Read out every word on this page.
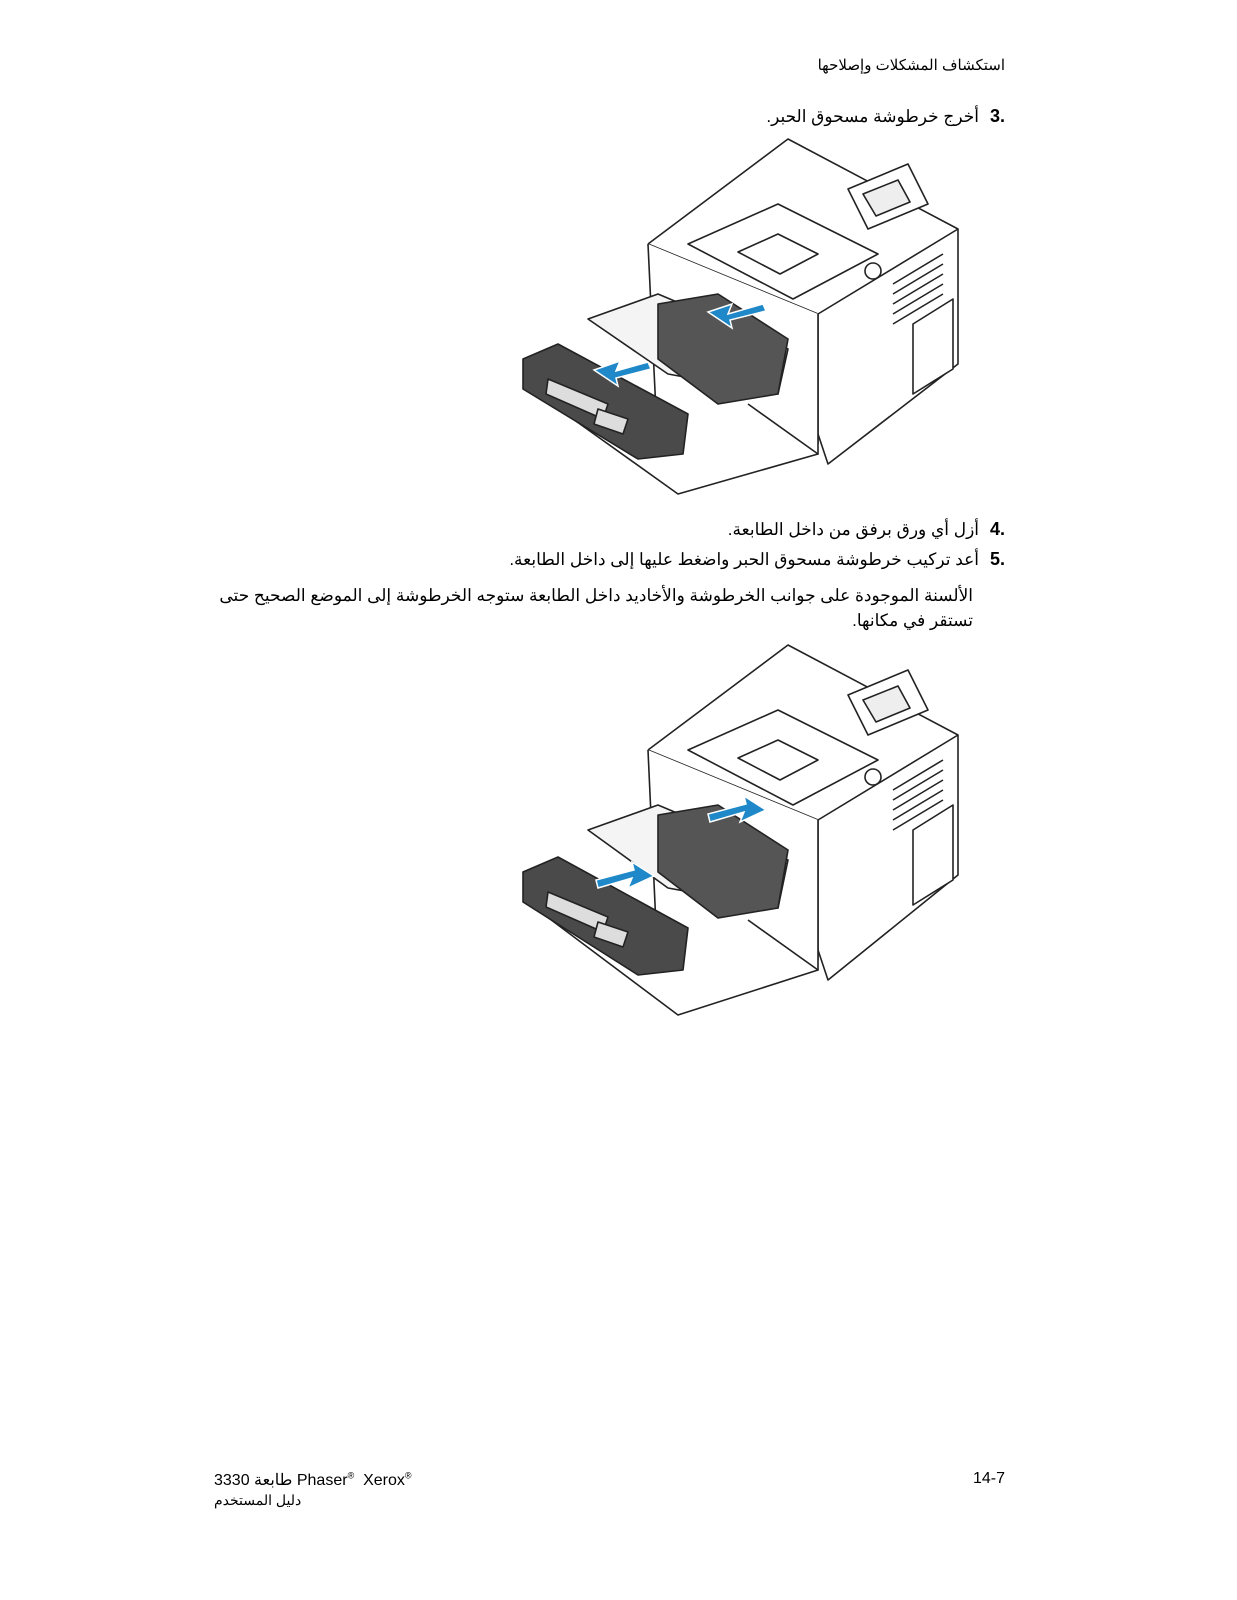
استكشاف المشكلات وإصلاحها
.3
أخرج خرطوشة مسحوق الحبر.
.4
أزل أي ورق برفق من داخل الطابعة.
.5
أعد تركيب خرطوشة مسحوق الحبر واضغط عليها إلى داخل الطابعة.
الألسنة الموجودة على جوانب الخرطوشة والأخاديد داخل الطابعة ستوجه الخرطوشة إلى الموضع الصحيح حتى تستقر في مكانها.
طابعة 3330 Phaser® Xerox®
دليل المستخدم
14-7
